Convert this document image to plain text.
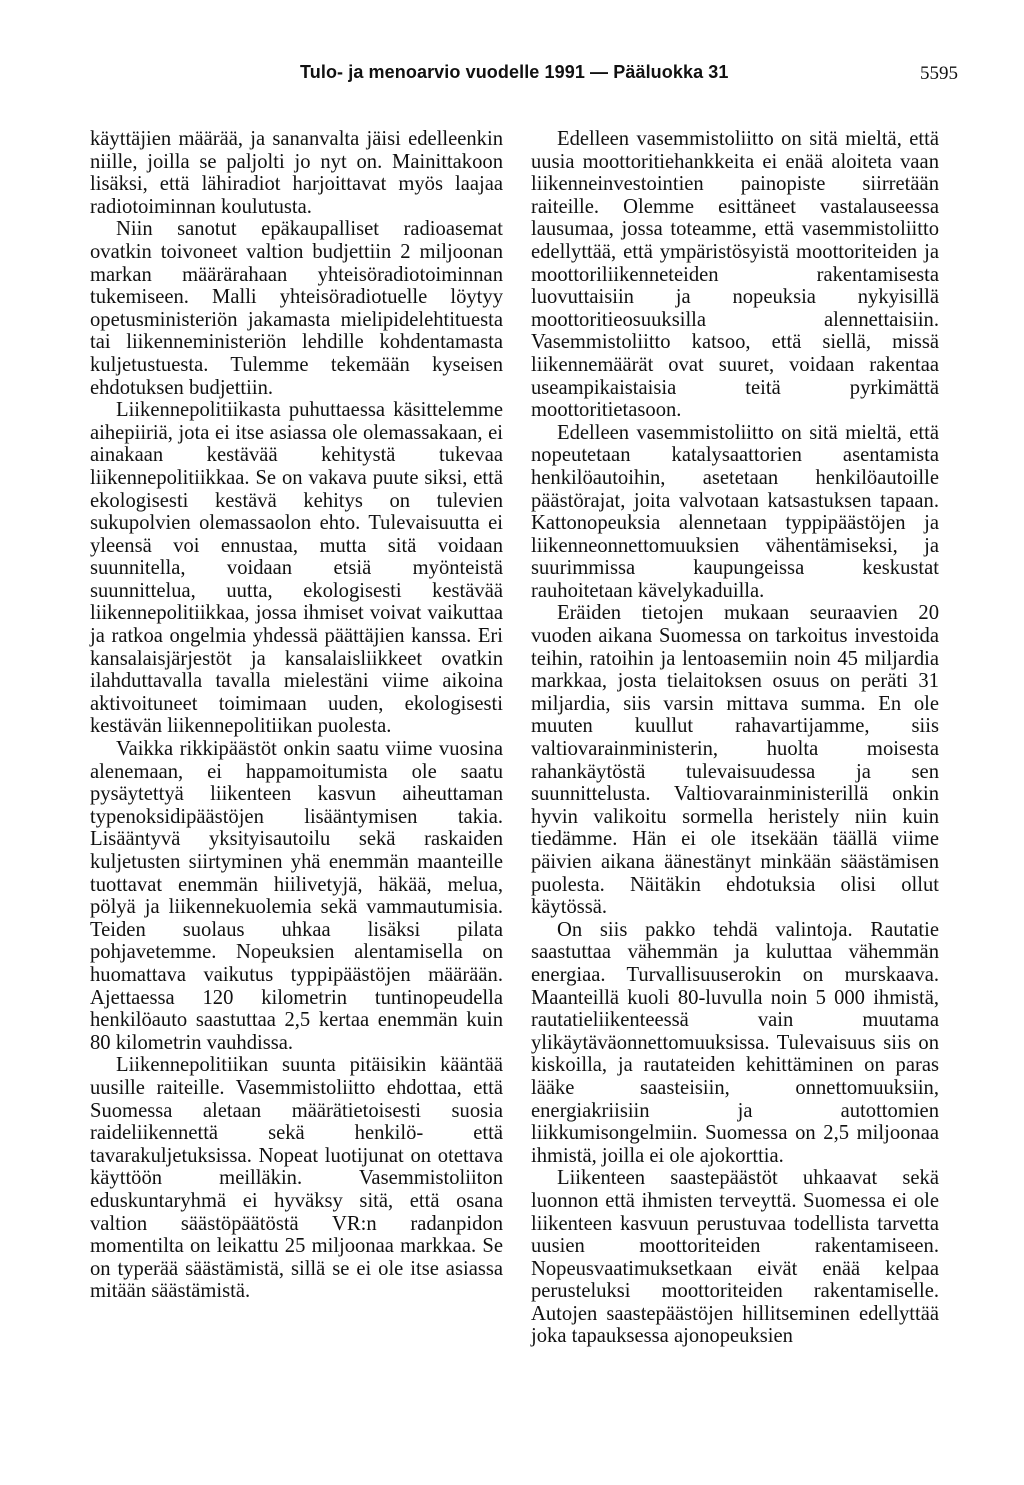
Tulo- ja menoarvio vuodelle 1991 — Pääluokka 31	5595

käyttäjien määrää, ja sananvalta jäisi edelleenkin niille, joilla se paljolti jo nyt on. Mainittakoon lisäksi, että lähiradiot harjoittavat myös laajaa radiotoiminnan koulutusta.

Niin sanotut epäkaupalliset radioasemat ovatkin toivoneet valtion budjettiin 2 miljoonan markan määrärahaan yhteisöradiotoiminnan tukemiseen. Malli yhteisöradiotuelle löytyy opetusministeriön jakamasta mielipidelehtituesta tai liikenneministeriön lehdille kohdentamasta kuljetustuesta. Tulemme tekemään kyseisen ehdotuksen budjettiin.

Liikennepolitiikasta puhuttaessa käsittelemme aihepiiriä, jota ei itse asiassa ole olemassakaan, ei ainakaan kestävää kehitystä tukevaa liikennepolitiikkaa. Se on vakava puute siksi, että ekologisesti kestävä kehitys on tulevien sukupolvien olemassaolon ehto. Tulevaisuutta ei yleensä voi ennustaa, mutta sitä voidaan suunnitella, voidaan etsiä myönteistä suunnittelua, uutta, ekologisesti kestävää liikennepolitiikkaa, jossa ihmiset voivat vaikuttaa ja ratkoa ongelmia yhdessä päättäjien kanssa. Eri kansalaisjärjestöt ja kansalaisliikkeet ovatkin ilahduttavalla tavalla mielestäni viime aikoina aktivoituneet toimimaan uuden, ekologisesti kestävän liikennepolitiikan puolesta.

Vaikka rikkipäästöt onkin saatu viime vuosina alenemaan, ei happamoitumista ole saatu pysäytettyä liikenteen kasvun aiheuttaman typenoksidipäästöjen lisääntymisen takia. Lisääntyvä yksityisautoilu sekä raskaiden kuljetusten siirtyminen yhä enemmän maanteille tuottavat enemmän hiilivetyjä, häkää, melua, pölyä ja liikennekuolemia sekä vammautumisia. Teiden suolaus uhkaa lisäksi pilata pohjavetemme. Nopeuksien alentamisella on huomattava vaikutus typpipäästöjen määrään. Ajettaessa 120 kilometrin tuntinopeudella henkilöauto saastuttaa 2,5 kertaa enemmän kuin 80 kilometrin vauhdissa.

Liikennepolitiikan suunta pitäisikin kääntää uusille raiteille. Vasemmistoliitto ehdottaa, että Suomessa aletaan määrätietoisesti suosia raideliikennettä sekä henkilö- että tavarakuljetuksissa. Nopeat luotijunat on otettava käyttöön meilläkin. Vasemmistoliiton eduskuntaryhmä ei hyväksy sitä, että osana valtion säästöpäätöstä VR:n radanpidon momentilta on leikattu 25 miljoonaa markkaa. Se on typerää säästämistä, sillä se ei ole itse asiassa mitään säästämistä.

Edelleen vasemmistoliitto on sitä mieltä, että uusia moottoritiehankkeita ei enää aloiteta vaan liikenneinvestointien painopiste siirretään raiteille. Olemme esittäneet vastalauseessa lausumaa, jossa toteamme, että vasemmistoliitto edellyttää, että ympäristösyistä moottoriteiden ja moottoriliikenneteiden rakentamisesta luovuttaisiin ja nopeuksia nykyisillä moottoritieosuuksilla alennettaisiin. Vasemmistoliitto katsoo, että siellä, missä liikennemäärät ovat suuret, voidaan rakentaa useampikaistaisia teitä pyrkimättä moottoritietasoon.

Edelleen vasemmistoliitto on sitä mieltä, että nopeutetaan katalysaattorien asentamista henkilöautoihin, asetetaan henkilöautoille päästörajat, joita valvotaan katsastuksen tapaan. Kattonopeuksia alennetaan typpipäästöjen ja liikenneonnettomuuksien vähentämiseksi, ja suurimmissa kaupungeissa keskustat rauhoitetaan kävelykaduilla.

Eräiden tietojen mukaan seuraavien 20 vuoden aikana Suomessa on tarkoitus investoida teihin, ratoihin ja lentoasemiin noin 45 miljardia markkaa, josta tielaitoksen osuus on peräti 31 miljardia, siis varsin mittava summa. En ole muuten kuullut rahavartijamme, siis valtiovarainministerin, huolta moisesta rahankäytöstä tulevaisuudessa ja sen suunnittelusta. Valtiovarainministerillä onkin hyvin valikoitu sormella heristely niin kuin tiedämme. Hän ei ole itsekään täällä viime päivien aikana äänestänyt minkään säästämisen puolesta. Näitäkin ehdotuksia olisi ollut käytössä.

On siis pakko tehdä valintoja. Rautatie saastuttaa vähemmän ja kuluttaa vähemmän energiaa. Turvallisuuserokin on murskaava. Maanteillä kuoli 80-luvulla noin 5 000 ihmistä, rautatieliikenteessä vain muutama ylikäytäväonnettomuuksissa. Tulevaisuus siis on kiskoilla, ja rautateiden kehittäminen on paras lääke saasteisiin, onnettomuuksiin, energiakriisiin ja autottomien liikkumisongelmiin. Suomessa on 2,5 miljoonaa ihmistä, joilla ei ole ajokorttia.

Liikenteen saastepäästöt uhkaavat sekä luonnon että ihmisten terveyttä. Suomessa ei ole liikenteen kasvuun perustuvaa todellista tarvetta uusien moottoriteiden rakentamiseen. Nopeusvaatimuksetkaan eivät enää kelpaa perusteluksi moottoriteiden rakentamiselle. Autojen saastepäästöjen hillitseminen edellyttää joka tapauksessa ajonopeuksien
